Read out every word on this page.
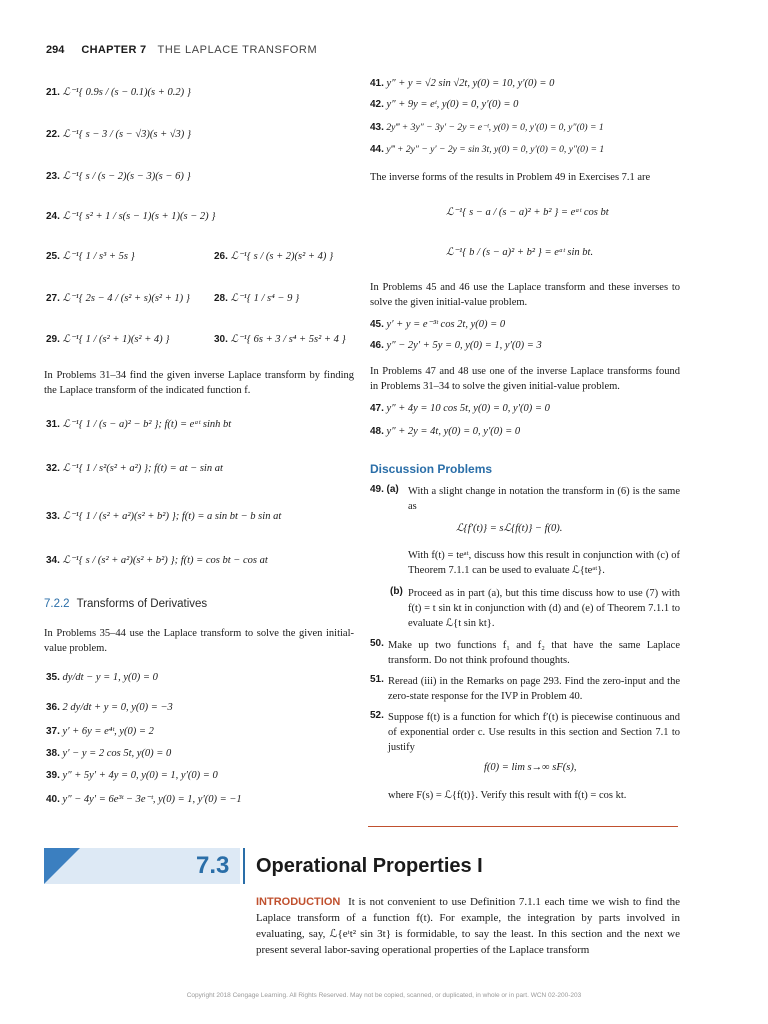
294 CHAPTER 7 THE LAPLACE TRANSFORM
21. ℒ⁻¹{ 0.9s / (s − 0.1)(s + 0.2) }
22. ℒ⁻¹{ s − 3 / (s − √3)(s + √3) }
23. ℒ⁻¹{ s / (s − 2)(s − 3)(s − 6) }
24. ℒ⁻¹{ s² + 1 / s(s − 1)(s + 1)(s − 2) }
25. ℒ⁻¹{ 1 / s³ + 5s }	26. ℒ⁻¹{ s / (s + 2)(s² + 4) }
27. ℒ⁻¹{ 2s − 4 / (s² + s)(s² + 1) } 28. ℒ⁻¹{ 1 / s⁴ − 9 }
29. ℒ⁻¹{ 1 / (s² + 1)(s² + 4) }	30. ℒ⁻¹{ 6s + 3 / s⁴ + 5s² + 4 }
In Problems 31–34 find the given inverse Laplace transform by finding the Laplace transform of the indicated function f.
31. ℒ⁻¹{ 1 / (s − a)² − b² }; f(t) = eᵃᵗ sinh bt
32. ℒ⁻¹{ 1 / s²(s² + a²) }; f(t) = at − sin at
33. ℒ⁻¹{ 1 / (s² + a²)(s² + b²) }; f(t) = a sin bt − b sin at
34. ℒ⁻¹{ s / (s² + a²)(s² + b²) }; f(t) = cos bt − cos at
7.2.2 Transforms of Derivatives
In Problems 35–44 use the Laplace transform to solve the given initial-value problem.
35. dy/dt − y = 1, y(0) = 0
36. 2 dy/dt + y = 0, y(0) = −3
37. y′ + 6y = e⁴ᵗ, y(0) = 2
38. y′ − y = 2 cos 5t, y(0) = 0
39. y″ + 5y′ + 4y = 0, y(0) = 1, y′(0) = 0
40. y″ − 4y′ = 6e³ᵗ − 3e⁻ᵗ, y(0) = 1, y′(0) = −1
41. y″ + y = √2 sin √2t, y(0) = 10, y′(0) = 0
42. y″ + 9y = eᵗ, y(0) = 0, y′(0) = 0
43. 2y‴ + 3y″ − 3y′ − 2y = e⁻ᵗ, y(0) = 0, y′(0) = 0, y″(0) = 1
44. y‴ + 2y″ − y′ − 2y = sin 3t, y(0) = 0, y′(0) = 0, y″(0) = 1
The inverse forms of the results in Problem 49 in Exercises 7.1 are
ℒ⁻¹{ s − a / (s − a)² + b² } = eᵃᵗ cos bt
ℒ⁻¹{ b / (s − a)² + b² } = eᵃᵗ sin bt.
In Problems 45 and 46 use the Laplace transform and these inverses to solve the given initial-value problem.
45. y′ + y = e⁻³ᵗ cos 2t, y(0) = 0
46. y″ − 2y′ + 5y = 0, y(0) = 1, y′(0) = 3
In Problems 47 and 48 use one of the inverse Laplace transforms found in Problems 31–34 to solve the given initial-value problem.
47. y″ + 4y = 10 cos 5t, y(0) = 0, y′(0) = 0
48. y″ + 2y = 4t, y(0) = 0, y′(0) = 0
Discussion Problems
49. (a) With a slight change in notation the transform in (6) is the same as
ℒ{f′(t)} = sℒ{f(t)} − f(0).
With f(t) = teᵃᵗ, discuss how this result in conjunction with (c) of Theorem 7.1.1 can be used to evaluate ℒ{teᵃᵗ}.
(b) Proceed as in part (a), but this time discuss how to use (7) with f(t) = t sin kt in conjunction with (d) and (e) of Theorem 7.1.1 to evaluate ℒ{t sin kt}.
50. Make up two functions f₁ and f₂ that have the same Laplace transform. Do not think profound thoughts.
51. Reread (iii) in the Remarks on page 293. Find the zero-input and the zero-state response for the IVP in Problem 40.
52. Suppose f(t) is a function for which f′(t) is piecewise continuous and of exponential order c. Use results in this section and Section 7.1 to justify
f(0) = lim s→∞ sF(s),
where F(s) = ℒ{f(t)}. Verify this result with f(t) = cos kt.
7.3 Operational Properties I
INTRODUCTION It is not convenient to use Definition 7.1.1 each time we wish to find the Laplace transform of a function f(t). For example, the integration by parts involved in evaluating, say, ℒ{eᵗt² sin 3t} is formidable, to say the least. In this section and the next we present several labor-saving operational properties of the Laplace transform
Copyright 2018 Cengage Learning. All Rights Reserved. May not be copied, scanned, or duplicated, in whole or in part. WCN 02-200-203
